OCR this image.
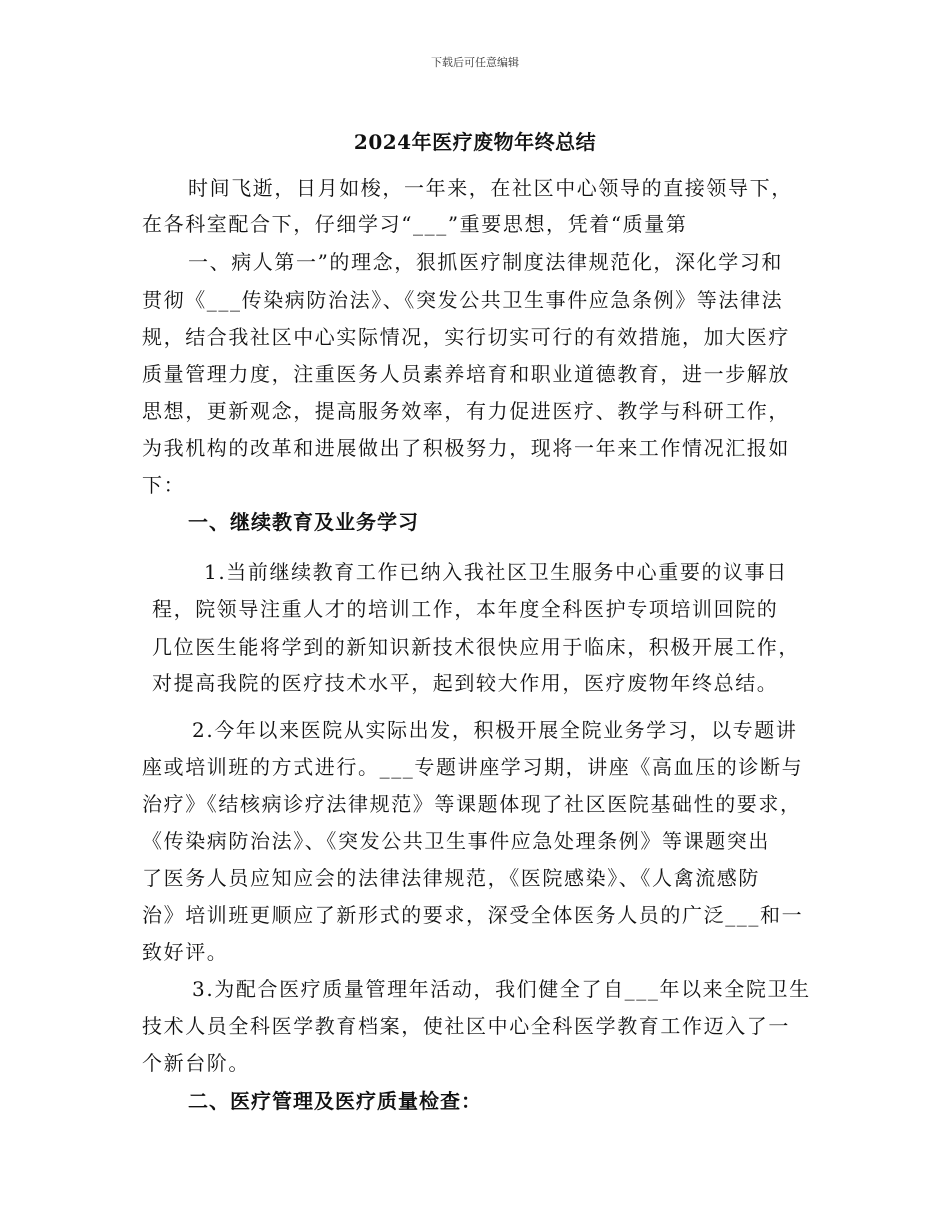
下载后可任意编辑
2024年医疗废物年终总结
时间飞逝，日月如梭，一年来，在社区中心领导的直接领导下，
在各科室配合下，仔细学习“___”重要思想，凭着“质量第
一、病人第一”的理念，狠抓医疗制度法律规范化，深化学习和
贯彻《___传染病防治法》、《突发公共卫生事件应急条例》等法律法
规，结合我社区中心实际情况，实行切实可行的有效措施，加大医疗
质量管理力度，注重医务人员素养培育和职业道德教育，进一步解放
思想，更新观念，提高服务效率，有力促进医疗、教学与科研工作，
为我机构的改革和进展做出了积极努力，现将一年来工作情况汇报如
下：
一、继续教育及业务学习
1.当前继续教育工作已纳入我社区卫生服务中心重要的议事日
程，院领导注重人才的培训工作，本年度全科医护专项培训回院的
几位医生能将学到的新知识新技术很快应用于临床，积极开展工作，
对提高我院的医疗技术水平，起到较大作用，医疗废物年终总结。
2.今年以来医院从实际出发，积极开展全院业务学习，以专题讲
座或培训班的方式进行。___专题讲座学习期，讲座《高血压的诊断与
治疗》《结核病诊疗法律规范》等课题体现了社区医院基础性的要求，
《传染病防治法》、《突发公共卫生事件应急处理条例》等课题突出
了医务人员应知应会的法律法律规范，《医院感染》、《人禽流感防
治》培训班更顺应了新形式的要求，深受全体医务人员的广泛___和一
致好评。
3.为配合医疗质量管理年活动，我们健全了自___年以来全院卫生
技术人员全科医学教育档案，使社区中心全科医学教育工作迈入了一
个新台阶。
二、医疗管理及医疗质量检查：
